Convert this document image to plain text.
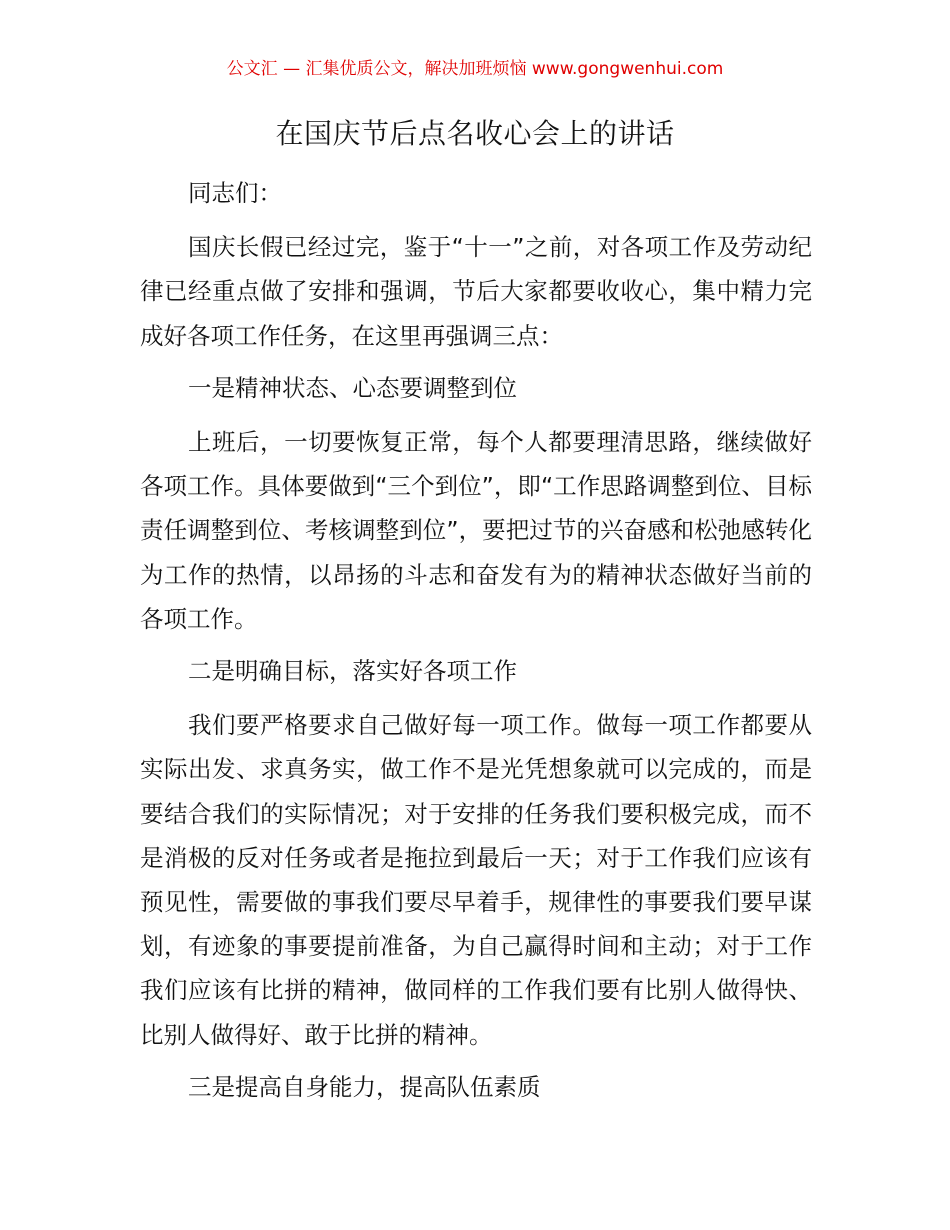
公文汇 — 汇集优质公文，解决加班烦恼 www.gongwenhui.com
在国庆节后点名收心会上的讲话

同志们：

国庆长假已经过完，鉴于“十一”之前，对各项工作及劳动纪律已经重点做了安排和强调，节后大家都要收收心，集中精力完成好各项工作任务，在这里再强调三点：

一是精神状态、心态要调整到位

上班后，一切要恢复正常，每个人都要理清思路，继续做好各项工作。具体要做到“三个到位”，即“工作思路调整到位、目标责任调整到位、考核调整到位”，要把过节的兴奋感和松弛感转化为工作的热情，以昂扬的斗志和奋发有为的精神状态做好当前的各项工作。

二是明确目标，落实好各项工作

我们要严格要求自己做好每一项工作。做每一项工作都要从实际出发、求真务实，做工作不是光凭想象就可以完成的，而是要结合我们的实际情况；对于安排的任务我们要积极完成，而不是消极的反对任务或者是拖拉到最后一天；对于工作我们应该有预见性，需要做的事我们要尽早着手，规律性的事要我们要早谋划，有迹象的事要提前准备，为自己赢得时间和主动；对于工作我们应该有比拼的精神，做同样的工作我们要有比别人做得快、比别人做得好、敢于比拼的精神。

三是提高自身能力，提高队伍素质
